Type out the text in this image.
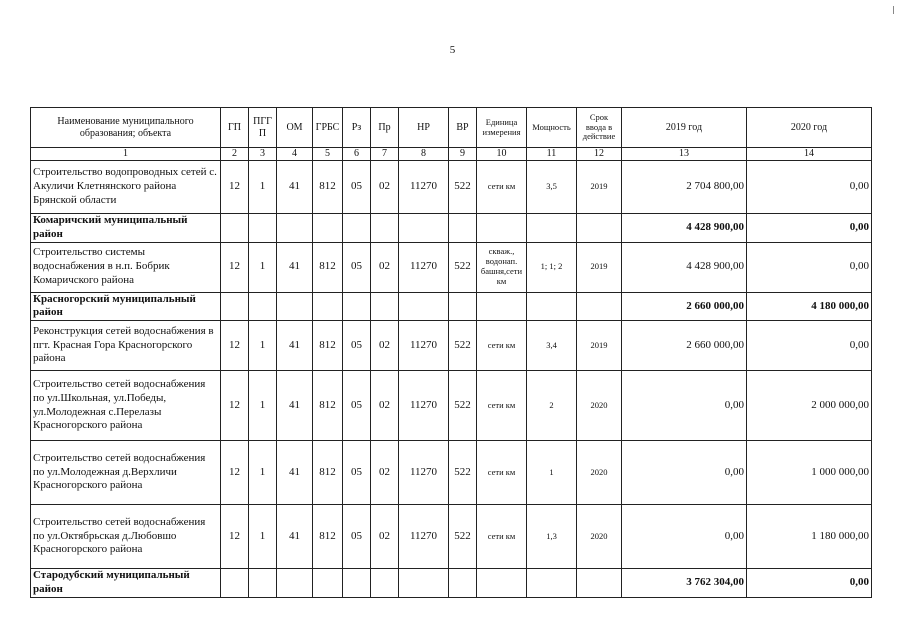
5
Наименование муниципального образования; объекта	ГП	ПГГ П	ОМ	ГРБС	Рз	Пр	НР	ВР	Единица измерения	Мощность	Срок ввода в действие	2019 год	2020 год
1	2	3	4	5	6	7	8	9	10	11	12	13	14
Строительство водопроводных сетей с. Акуличи Клетнянского района Брянской области	12	1	41	812	05	02	11270	522	сети км	3,5	2019	2 704 800,00	0,00
Комаричский муниципальный район												4 428 900,00	0,00
Строительство системы водоснабжения в н.п. Бобрик Комаричского района	12	1	41	812	05	02	11270	522	скваж., водонап. башня,сети км	1; 1; 2	2019	4 428 900,00	0,00
Красногорский муниципальный район												2 660 000,00	4 180 000,00
Реконструкция сетей водоснабжения в пгт. Красная Гора Красногорского района	12	1	41	812	05	02	11270	522	сети км	3,4	2019	2 660 000,00	0,00
Строительство сетей водоснабжения по ул.Школьная, ул.Победы, ул.Молодежная с.Перелазы Красногорского района	12	1	41	812	05	02	11270	522	сети км	2	2020	0,00	2 000 000,00
Строительство сетей водоснабжения по ул.Молодежная д.Верхличи Красногорского района	12	1	41	812	05	02	11270	522	сети км	1	2020	0,00	1 000 000,00
Строительство сетей водоснабжения по ул.Октябрьская д.Любовшо Красногорского района	12	1	41	812	05	02	11270	522	сети км	1,3	2020	0,00	1 180 000,00
Стародубский муниципальный район												3 762 304,00	0,00
